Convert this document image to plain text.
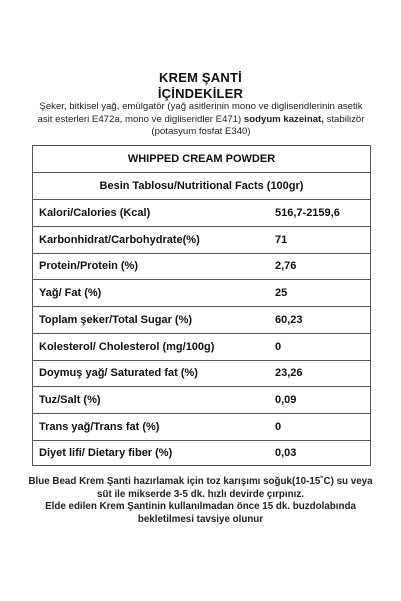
KREM ŞANTİ
İÇİNDEKİLER
Şeker, bitkisel yağ, emülgatör (yağ asitlerinin mono ve digliseridlerinin asetik asit esterleri E472a, mono ve digliseridler E471) sodyum kazeinat, stabilizör (potasyum fosfat E340)
WHIPPED CREAM POWDER
Besin Tablosu/Nutritional Facts (100gr)
Kalori/Calories (Kcal)	516,7-2159,6
Karbonhidrat/Carbohydrate(%)	71
Protein/Protein (%)	2,76
Yağ/ Fat (%)	25
Toplam şeker/Total Sugar (%)	60,23
Kolesterol/ Cholesterol (mg/100g)	0
Doymuş yağ/ Saturated fat (%)	23,26
Tuz/Salt (%)	0,09
Trans yağ/Trans fat (%)	0
Diyet lifi/ Dietary fiber (%)	0,03
Blue Bead Krem Şanti hazırlamak için toz karışımı soğuk(10-15˚C) su veya süt ile mikserde 3-5 dk. hızlı devirde çırpınız.
Elde edilen Krem Şantinin kullanılmadan önce 15 dk. buzdolabında bekletilmesi tavsiye olunur
